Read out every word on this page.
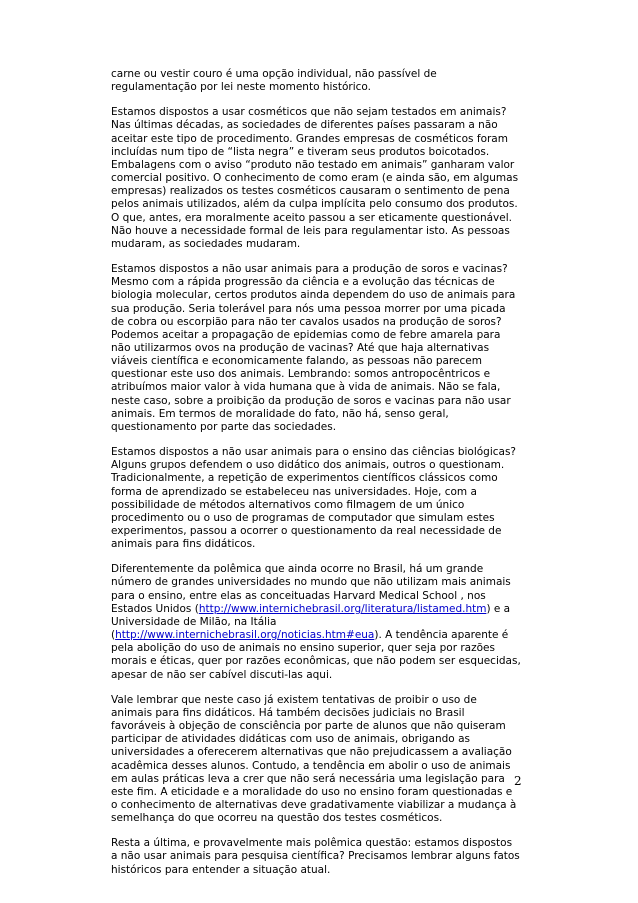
carne ou vestir couro é uma opção individual, não passível de regulamentação por lei neste momento histórico.

Estamos dispostos a usar cosméticos que não sejam testados em animais? Nas últimas décadas, as sociedades de diferentes países passaram a não aceitar este tipo de procedimento. Grandes empresas de cosméticos foram incluídas num tipo de “lista negra” e tiveram seus produtos boicotados. Embalagens com o aviso “produto não testado em animais” ganharam valor comercial positivo. O conhecimento de como eram (e ainda são, em algumas empresas) realizados os testes cosméticos causaram o sentimento de pena pelos animais utilizados, além da culpa implícita pelo consumo dos produtos. O que, antes, era moralmente aceito passou a ser eticamente questionável. Não houve a necessidade formal de leis para regulamentar isto. As pessoas mudaram, as sociedades mudaram.

Estamos dispostos a não usar animais para a produção de soros e vacinas? Mesmo com a rápida progressão da ciência e a evolução das técnicas de biologia molecular, certos produtos ainda dependem do uso de animais para sua produção. Seria tolerável para nós uma pessoa morrer por uma picada de cobra ou escorpião para não ter cavalos usados na produção de soros? Podemos aceitar a propagação de epidemias como de febre amarela para não utilizarmos ovos na produção de vacinas? Até que haja alternativas viáveis científica e economicamente falando, as pessoas não parecem questionar este uso dos animais. Lembrando: somos antropocêntricos e atribuímos maior valor à vida humana que à vida de animais. Não se fala, neste caso, sobre a proibição da produção de soros e vacinas para não usar animais. Em termos de moralidade do fato, não há, senso geral, questionamento por parte das sociedades.

Estamos dispostos a não usar animais para o ensino das ciências biológicas? Alguns grupos defendem o uso didático dos animais, outros o questionam. Tradicionalmente, a repetição de experimentos científicos clássicos como forma de aprendizado se estabeleceu nas universidades. Hoje, com a possibilidade de métodos alternativos como filmagem de um único procedimento ou o uso de programas de computador que simulam estes experimentos, passou a ocorrer o questionamento da real necessidade de animais para fins didáticos.

Diferentemente da polêmica que ainda ocorre no Brasil, há um grande número de grandes universidades no mundo que não utilizam mais animais para o ensino, entre elas as conceituadas Harvard Medical School , nos Estados Unidos (http://www.internichebrasil.org/literatura/listamed.htm) e a Universidade de Milão, na Itália (http://www.internichebrasil.org/noticias.htm#eua). A tendência aparente é pela abolição do uso de animais no ensino superior, quer seja por razões morais e éticas, quer por razões econômicas, que não podem ser esquecidas, apesar de não ser cabível discuti-las aqui.

Vale lembrar que neste caso já existem tentativas de proibir o uso de animais para fins didáticos. Há também decisões judiciais no Brasil favoráveis à objeção de consciência por parte de alunos que não quiseram participar de atividades didáticas com uso de animais, obrigando as universidades a oferecerem alternativas que não prejudicassem a avaliação acadêmica desses alunos. Contudo, a tendência em abolir o uso de animais em aulas práticas leva a crer que não será necessária uma legislação para este fim. A eticidade e a moralidade do uso no ensino foram questionadas e o conhecimento de alternativas deve gradativamente viabilizar a mudança à semelhança do que ocorreu na questão dos testes cosméticos.

Resta a última, e provavelmente mais polêmica questão: estamos dispostos a não usar animais para pesquisa científica? Precisamos lembrar alguns fatos históricos para entender a situação atual.

2
